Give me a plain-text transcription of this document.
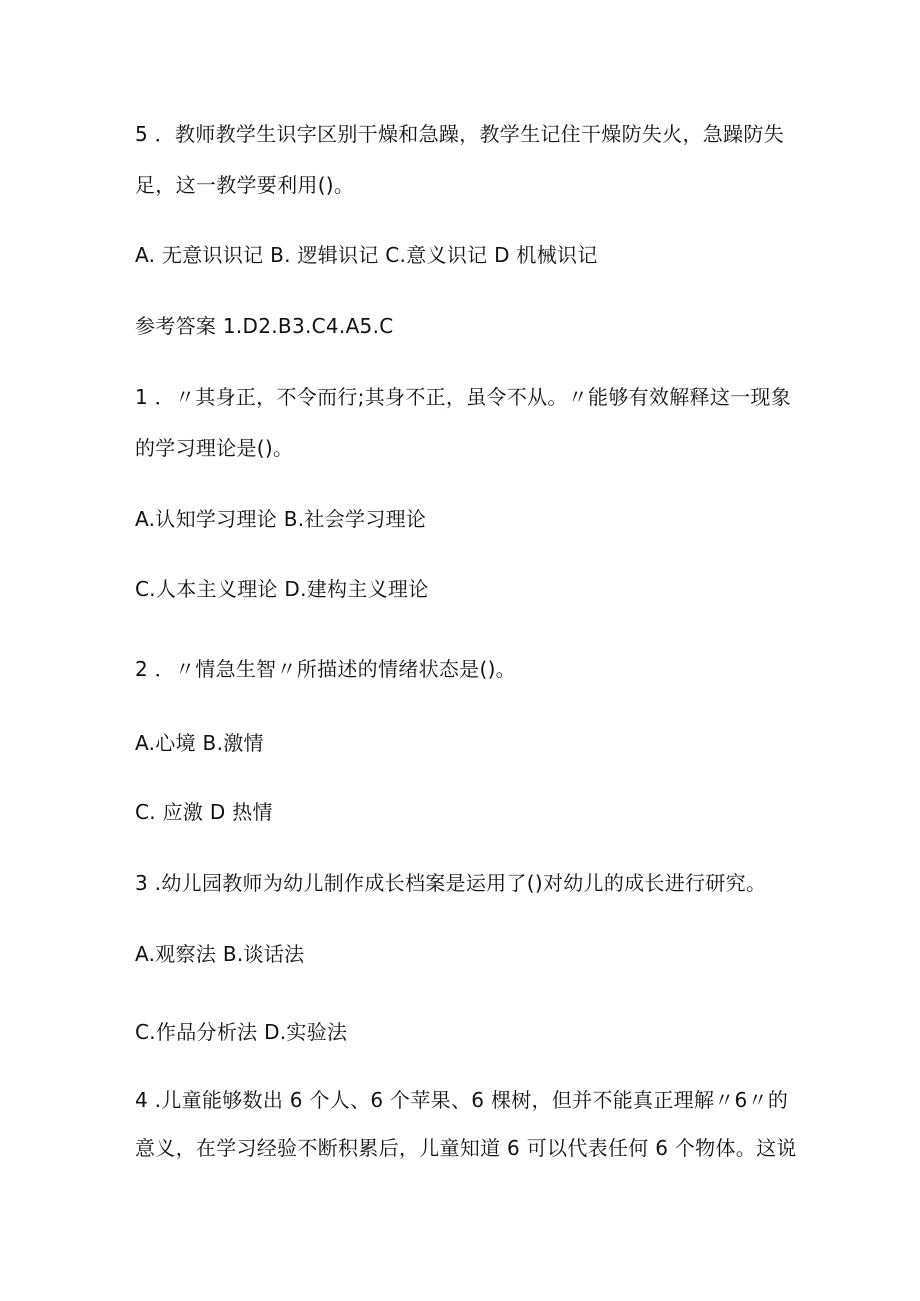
5 ．教师教学生识字区别干燥和急躁，教学生记住干燥防失火，急躁防失
足，这一教学要利用()。
A. 无意识识记 B. 逻辑识记 C.意义识记 D 机械识记
参考答案 1.D2.B3.C4.A5.C
1 ．〃其身正，不令而行;其身不正，虽令不从。〃能够有效解释这一现象
的学习理论是()。
A.认知学习理论 B.社会学习理论
C.人本主义理论 D.建构主义理论
2 ．〃情急生智〃所描述的情绪状态是()。
A.心境 B.激情
C. 应激 D 热情
3 .幼儿园教师为幼儿制作成长档案是运用了()对幼儿的成长进行研究。
A.观察法 B.谈话法
C.作品分析法 D.实验法
4 .儿童能够数出 6 个人、6 个苹果、6 棵树，但并不能真正理解〃6〃的
意义，在学习经验不断积累后，儿童知道 6 可以代表任何 6 个物体。这说
